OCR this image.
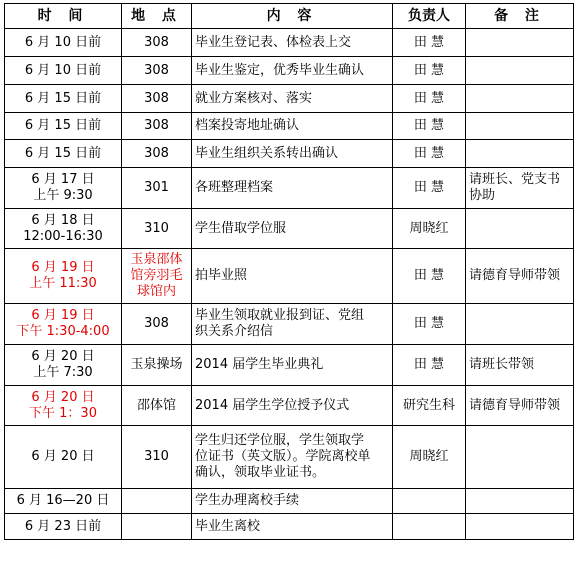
时 间	地 点	内 容	负责人	备 注

6 月 10 日前	308	毕业生登记表、体检表上交	田 慧	

6 月 10 日前	308	毕业生鉴定，优秀毕业生确认	田 慧	

6 月 15 日前	308	就业方案核对、落实	田 慧	

6 月 15 日前	308	档案投寄地址确认	田 慧	

6 月 15 日前	308	毕业生组织关系转出确认	田 慧	

6 月 17 日
上午 9:30	301	各班整理档案	田 慧	请班长、党支书
协助

6 月 18 日
12:00-16:30	310	学生借取学位服	周晓红	

6 月 19 日
上午 11:30	玉泉邵体
馆旁羽毛
球馆内	拍毕业照	田 慧	请德育导师带领

6 月 19 日
下午 1:30-4:00	308	毕业生领取就业报到证、党组
织关系介绍信	田 慧	

6 月 20 日
上午 7:30	玉泉操场	2014 届学生毕业典礼	田 慧	请班长带领

6 月 20 日
下午 1：30	邵体馆	2014 届学生学位授予仪式	研究生科	请德育导师带领

6 月 20 日	310	学生归还学位服，学生领取学
位证书（英文版）。学院离校单
确认，领取毕业证书。	周晓红	

6 月 16—20 日		学生办理离校手续		

6 月 23 日前		毕业生离校		
